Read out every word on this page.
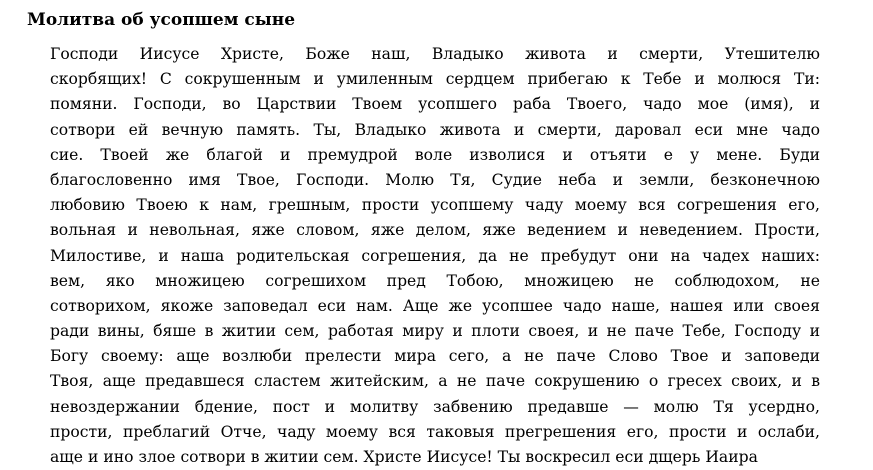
Молитва об усопшем сыне
Господи Иисусе Христе, Боже наш, Владыко живота и смерти, Утешителю
скорбящих! С сокрушенным и умиленным сердцем прибегаю к Тебе и молюся Ти:
помяни. Господи, во Царствии Твоем усопшего раба Твоего, чадо мое (имя), и
сотвори ей вечную память. Ты, Владыко живота и смерти, даровал еси мне чадо
сие. Твоей же благой и премудрой воле изволися и отъяти е у мене. Буди
благословенно имя Твое, Господи. Молю Тя, Судие неба и земли, безконечною
любовию Твоею к нам, грешным, прости усопшему чаду моему вся согрешения его,
вольная и невольная, яже словом, яже делом, яже ведением и неведением. Прости,
Милостиве, и наша родительская согрешения, да не пребудут они на чадех наших:
вем, яко множицею согрешихом пред Тобою, множицею не соблюдохом, не
сотворихом, якоже заповедал еси нам. Аще же усопшее чадо наше, нашея или своея
ради вины, бяше в житии сем, работая миру и плоти своея, и не паче Тебе, Господу и
Богу своему: аще возлюби прелести мира сего, а не паче Слово Твое и заповеди
Твоя, аще предавшеся сластем житейским, а не паче сокрушению о гресех своих, и в
невоздержании бдение, пост и молитву забвению предавше — молю Тя усердно,
прости, преблагий Отче, чаду моему вся таковыя прегрешения его, прости и ослаби,
аще и ино злое сотвори в житии сем. Христе Иисусе! Ты воскресил еси дщерь Иаира
